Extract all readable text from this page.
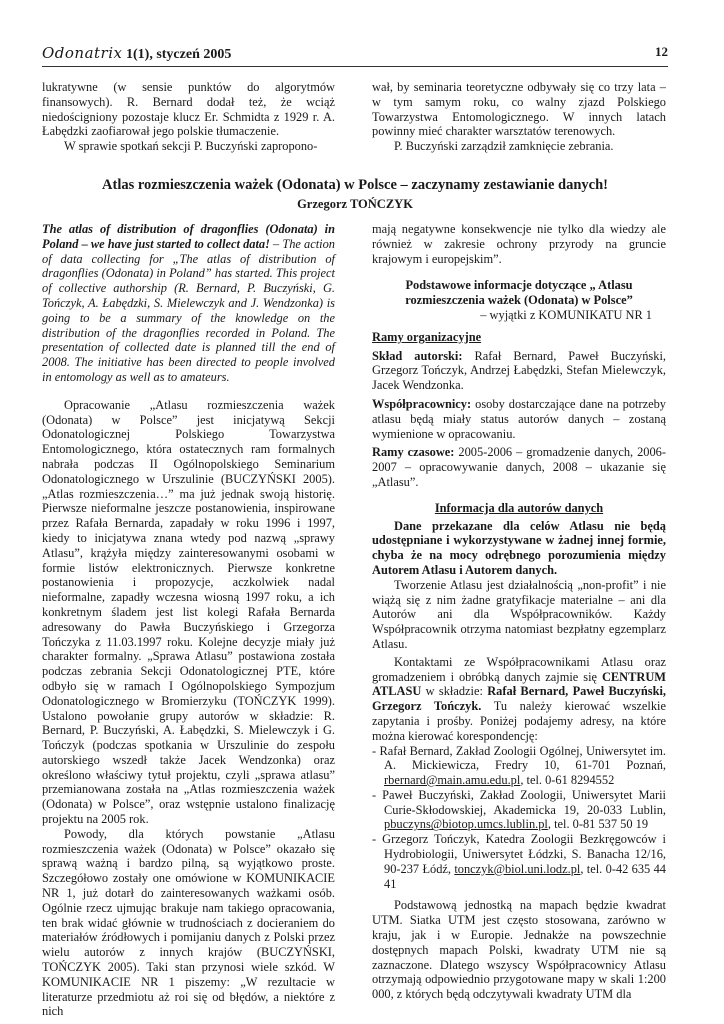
Odonatrix 1(1), styczeń 2005	12

lukratywne (w sensie punktów do algorytmów finansowych). R. Bernard dodał też, że wciąż niedościgniony pozostaje klucz Er. Schmidta z 1929 r. A. Łabędzki zaofiarował jego polskie tłumaczenie.

W sprawie spotkań sekcji P. Buczyński zapropono-

wał, by seminaria teoretyczne odbywały się co trzy lata – w tym samym roku, co walny zjazd Polskiego Towarzystwa Entomologicznego. W innych latach powinny mieć charakter warsztatów terenowych.

P. Buczyński zarządził zamknięcie zebrania.

Atlas rozmieszczenia ważek (Odonata) w Polsce – zaczynamy zestawianie danych!
Grzegorz TOŃCZYK

The atlas of distribution of dragonflies (Odonata) in Poland – we have just started to collect data! – The action of data collecting for „The atlas of distribution of dragonflies (Odonata) in Poland” has started. This project of collective authorship (R. Bernard, P. Buczyński, G. Tończyk, A. Łabędzki, S. Mielewczyk and J. Wendzonka) is going to be a summary of the knowledge on the distribution of the dragonflies recorded in Poland. The presentation of collected date is planned till the end of 2008. The initiative has been directed to people involved in entomology as well as to amateurs.

Opracowanie „Atlasu rozmieszczenia ważek (Odonata) w Polsce” jest inicjatywą Sekcji Odonatologicznej Polskiego Towarzystwa Entomologicznego, która ostatecznych ram formalnych nabrała podczas II Ogólnopolskiego Seminarium Odonatologicznego w Urszulinie (BUCZYŃSKI 2005). „Atlas rozmieszczenia…” ma już jednak swoją historię. Pierwsze nieformalne jeszcze postanowienia, inspirowane przez Rafała Bernarda, zapadały w roku 1996 i 1997, kiedy to inicjatywa znana wtedy pod nazwą „sprawy Atlasu”, krążyła między zainteresowanymi osobami w formie listów elektronicznych. Pierwsze konkretne postanowienia i propozycje, aczkolwiek nadal nieformalne, zapadły wczesna wiosną 1997 roku, a ich konkretnym śladem jest list kolegi Rafała Bernarda adresowany do Pawła Buczyńskiego i Grzegorza Tończyka z 11.03.1997 roku. Kolejne decyzje miały już charakter formalny. „Sprawa Atlasu” postawiona została podczas zebrania Sekcji Odonatologicznej PTE, które odbyło się w ramach I Ogólnopolskiego Sympozjum Odonatologicznego w Bromierzyku (TOŃCZYK 1999). Ustalono powołanie grupy autorów w składzie: R. Bernard, P. Buczyński, A. Łabędzki, S. Mielewczyk i G. Tończyk (podczas spotkania w Urszulinie do zespołu autorskiego wszedł także Jacek Wendzonka) oraz określono właściwy tytuł projektu, czyli „sprawa atlasu” przemianowana została na „Atlas rozmieszczenia ważek (Odonata) w Polsce”, oraz wstępnie ustalono finalizację projektu na 2005 rok.

Powody, dla których powstanie „Atlasu rozmieszczenia ważek (Odonata) w Polsce” okazało się sprawą ważną i bardzo pilną, są wyjątkowo proste. Szczegółowo zostały one omówione w KOMUNIKACIE NR 1, już dotarł do zainteresowanych ważkami osób. Ogólnie rzecz ujmując brakuje nam takiego opracowania, ten brak widać głównie w trudnościach z docieraniem do materiałów źródłowych i pomijaniu danych z Polski przez wielu autorów z innych krajów (BUCZYŃSKI, TOŃCZYK 2005). Taki stan przynosi wiele szkód. W KOMUNIKACIE NR 1 piszemy: „W rezultacie w literaturze przedmiotu aż roi się od błędów, a niektóre z nich

mają negatywne konsekwencje nie tylko dla wiedzy ale również w zakresie ochrony przyrody na gruncie krajowym i europejskim”.

Podstawowe informacje dotyczące „ Atlasu rozmieszczenia ważek (Odonata) w Polsce”

– wyjątki z KOMUNIKATU NR 1

Ramy organizacyjne

Skład autorski: Rafał Bernard, Paweł Buczyński, Grzegorz Tończyk, Andrzej Łabędzki, Stefan Mielewczyk, Jacek Wendzonka.

Współpracownicy: osoby dostarczające dane na potrzeby atlasu będą miały status autorów danych – zostaną wymienione w opracowaniu.

Ramy czasowe: 2005-2006 – gromadzenie danych, 2006-2007 – opracowywanie danych, 2008 – ukazanie się „Atlasu”.

Informacja dla autorów danych

Dane przekazane dla celów Atlasu nie będą udostępniane i wykorzystywane w żadnej innej formie, chyba że na mocy odrębnego porozumienia między Autorem Atlasu i Autorem danych.

Tworzenie Atlasu jest działalnością „non-profit” i nie wiążą się z nim żadne gratyfikacje materialne – ani dla Autorów ani dla Współpracowników. Każdy Współpracownik otrzyma natomiast bezpłatny egzemplarz Atlasu.

Kontaktami ze Współpracownikami Atlasu oraz gromadzeniem i obróbką danych zajmie się CENTRUM ATLASU w składzie: Rafał Bernard, Paweł Buczyński, Grzegorz Tończyk. Tu należy kierować wszelkie zapytania i prośby. Poniżej podajemy adresy, na które można kierować korespondencję:

- Rafał Bernard, Zakład Zoologii Ogólnej, Uniwersytet im. A. Mickiewicza, Fredry 10, 61-701 Poznań, rbernard@main.amu.edu.pl, tel. 0-61 8294552

- Paweł Buczyński, Zakład Zoologii, Uniwersytet Marii Curie-Skłodowskiej, Akademicka 19, 20-033 Lublin, pbuczyns@biotop.umcs.lublin.pl, tel. 0-81 537 50 19

- Grzegorz Tończyk, Katedra Zoologii Bezkręgowców i Hydrobiologii, Uniwersytet Łódzki, S. Banacha 12/16, 90-237 Łódź, tonczyk@biol.uni.lodz.pl, tel. 0-42 635 44 41

Podstawową jednostką na mapach będzie kwadrat UTM. Siatka UTM jest często stosowana, zarówno w kraju, jak i w Europie. Jednakże na powszechnie dostępnych mapach Polski, kwadraty UTM nie są zaznaczone. Dlatego wszyscy Współpracownicy Atlasu otrzymają odpowiednio przygotowane mapy w skali 1:200 000, z których będą odczytywali kwadraty UTM dla
